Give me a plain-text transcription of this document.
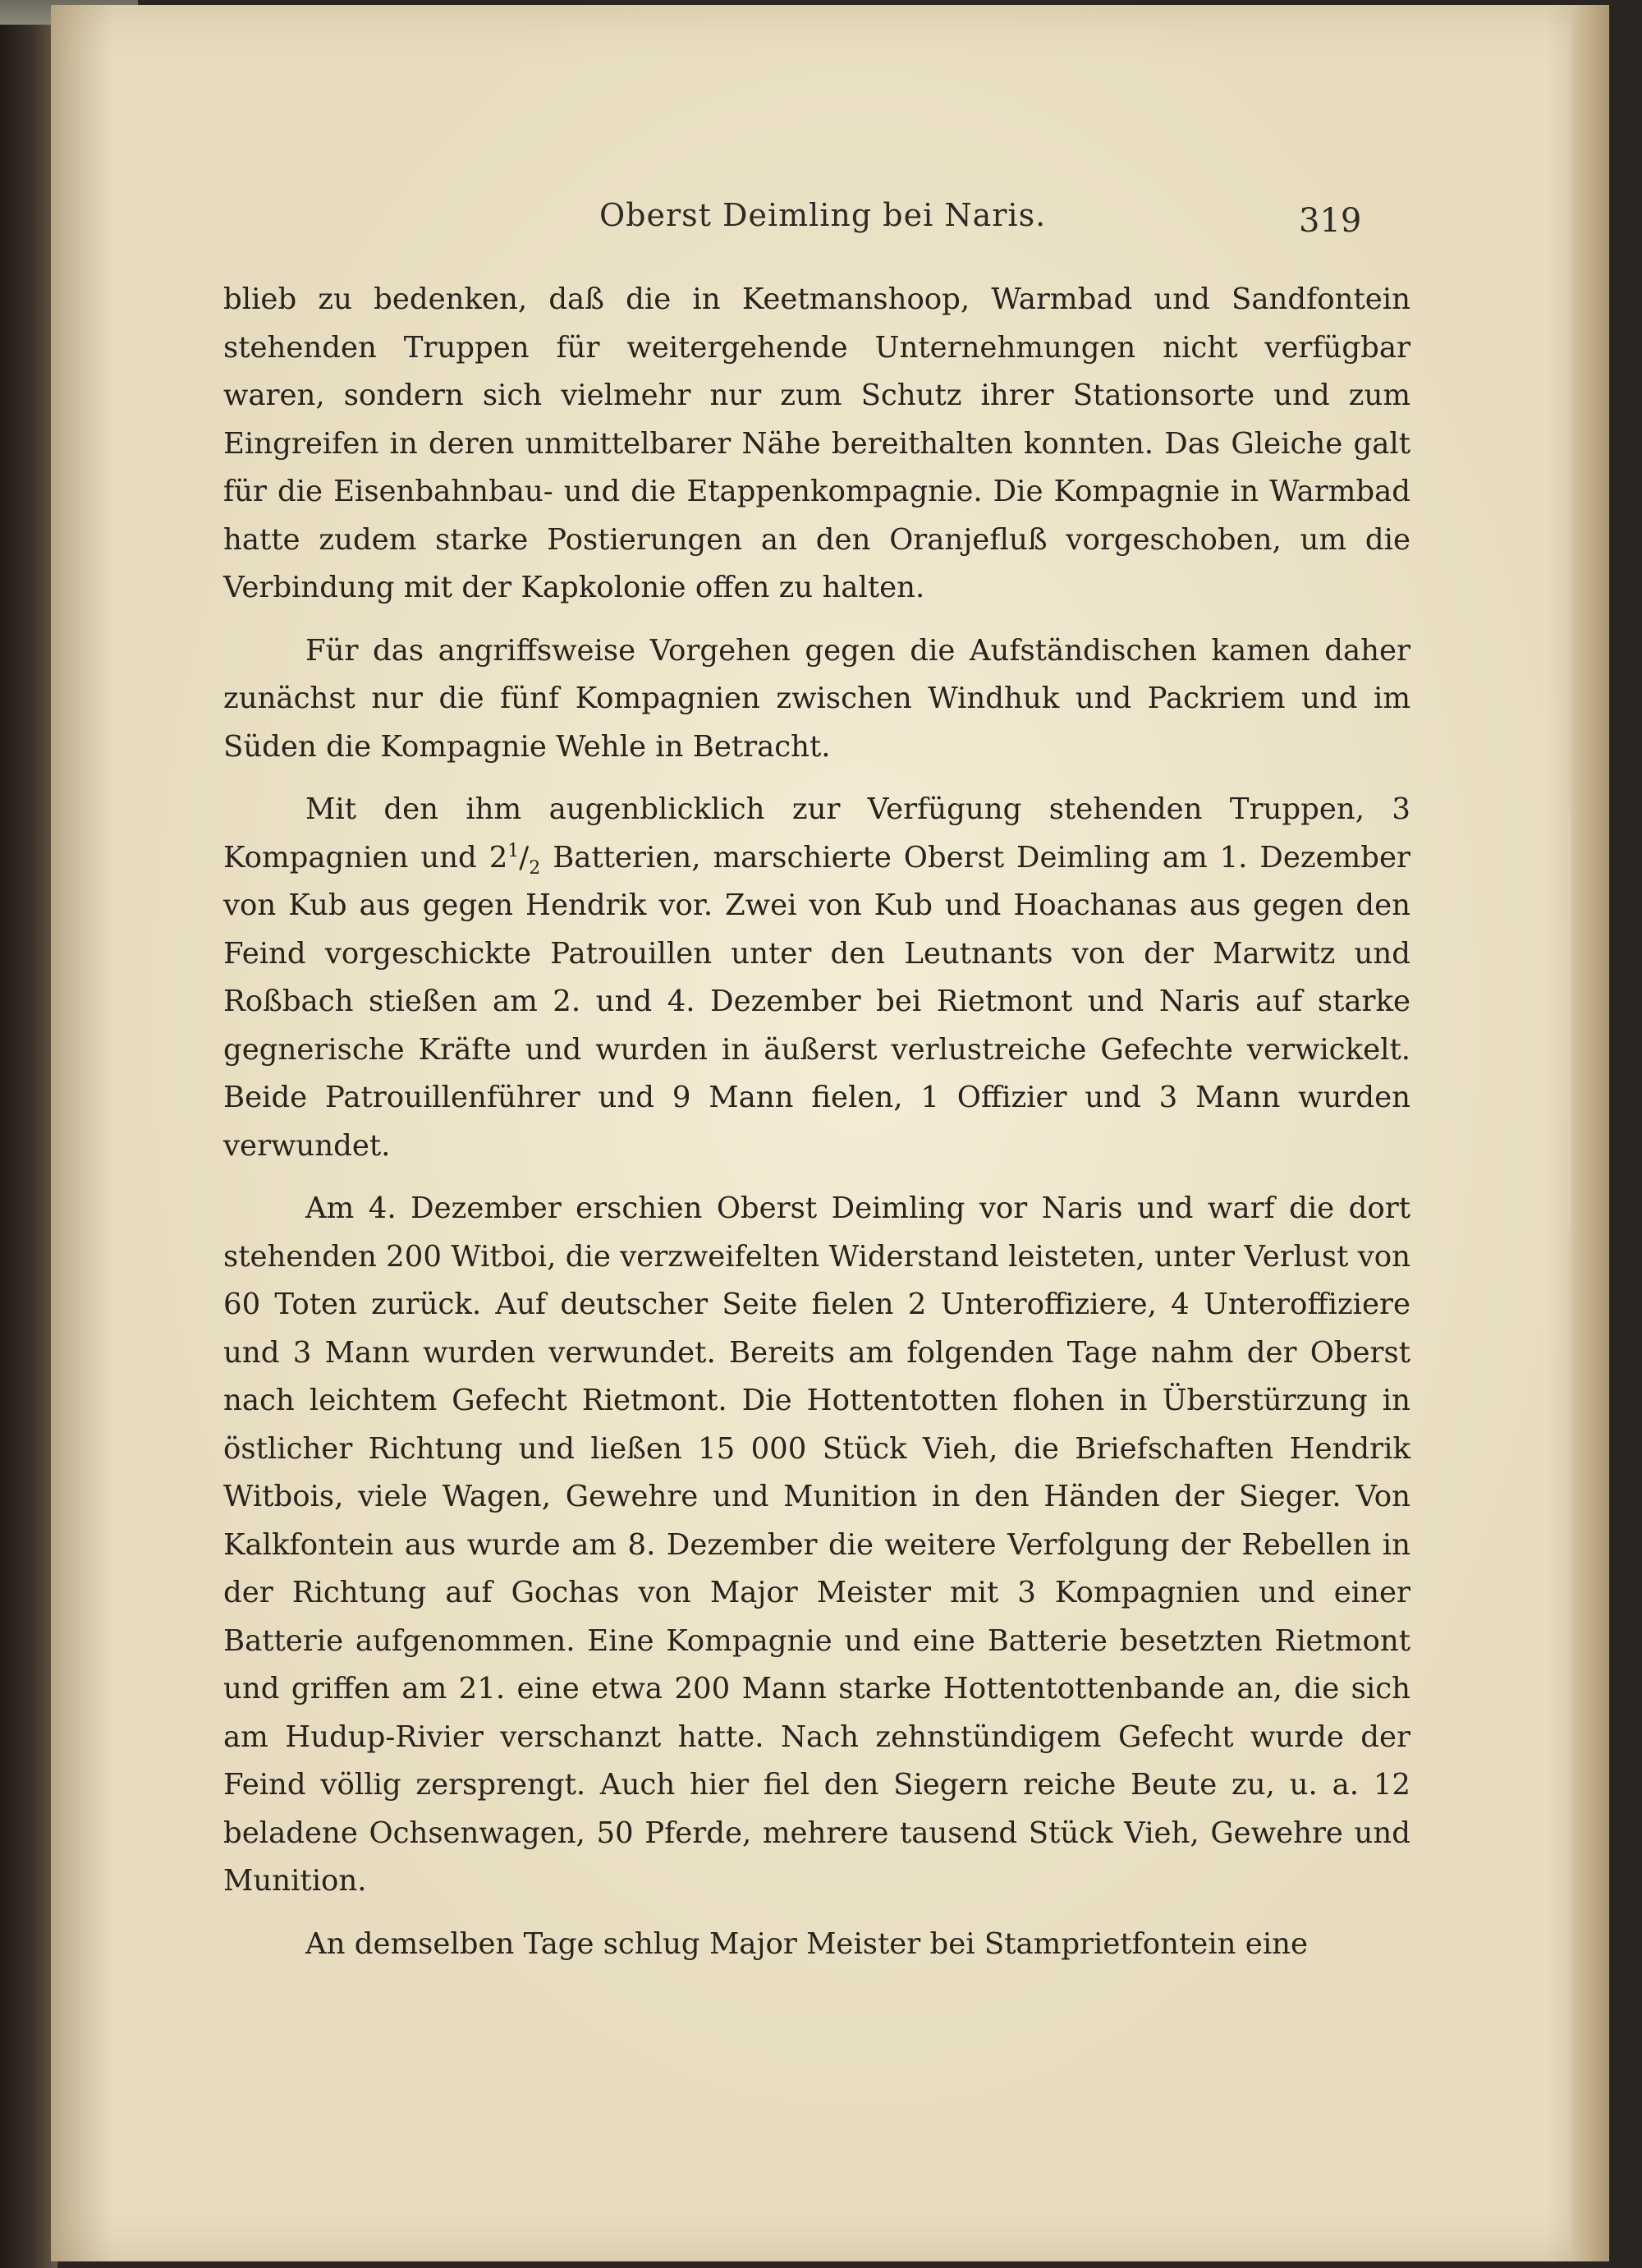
Oberst Deimling bei Naris.	319

blieb zu bedenken, daß die in Keetmanshoop, Warmbad und Sandfontein stehenden Truppen für weitergehende Unternehmungen nicht verfügbar waren, sondern sich vielmehr nur zum Schutz ihrer Stationsorte und zum Eingreifen in deren unmittelbarer Nähe bereithalten konnten. Das Gleiche galt für die Eisenbahnbau- und die Etappenkompagnie. Die Kompagnie in Warmbad hatte zudem starke Postierungen an den Oranjefluß vorgeschoben, um die Verbindung mit der Kapkolonie offen zu halten.

Für das angriffsweise Vorgehen gegen die Aufständischen kamen daher zunächst nur die fünf Kompagnien zwischen Windhuk und Packriem und im Süden die Kompagnie Wehle in Betracht.

Mit den ihm augenblicklich zur Verfügung stehenden Truppen, 3 Kompagnien und $2^1/_2$ Batterien, marschierte Oberst Deimling am 1. Dezember von Kub aus gegen Hendrik vor. Zwei von Kub und Hoachanas aus gegen den Feind vorgeschickte Patrouillen unter den Leutnants von der Marwitz und Roßbach stießen am 2. und 4. Dezember bei Rietmont und Naris auf starke gegnerische Kräfte und wurden in äußerst verlustreiche Gefechte verwickelt. Beide Patrouillenführer und 9 Mann fielen, 1 Offizier und 3 Mann wurden verwundet.

Am 4. Dezember erschien Oberst Deimling vor Naris und warf die dort stehenden 200 Witboi, die verzweifelten Widerstand leisteten, unter Verlust von 60 Toten zurück. Auf deutscher Seite fielen 2 Unteroffiziere, 4 Unteroffiziere und 3 Mann wurden verwundet. Bereits am folgenden Tage nahm der Oberst nach leichtem Gefecht Rietmont. Die Hottentotten flohen in Überstürzung in östlicher Richtung und ließen 15 000 Stück Vieh, die Briefschaften Hendrik Witbois, viele Wagen, Gewehre und Munition in den Händen der Sieger. Von Kalkfontein aus wurde am 8. Dezember die weitere Verfolgung der Rebellen in der Richtung auf Gochas von Major Meister mit 3 Kompagnien und einer Batterie aufgenommen. Eine Kompagnie und eine Batterie besetzten Rietmont und griffen am 21. eine etwa 200 Mann starke Hottentottenbande an, die sich am Hudup-Rivier verschanzt hatte. Nach zehnstündigem Gefecht wurde der Feind völlig zersprengt. Auch hier fiel den Siegern reiche Beute zu, u. a. 12 beladene Ochsenwagen, 50 Pferde, mehrere tausend Stück Vieh, Gewehre und Munition.

An demselben Tage schlug Major Meister bei Stamprietfontein eine
